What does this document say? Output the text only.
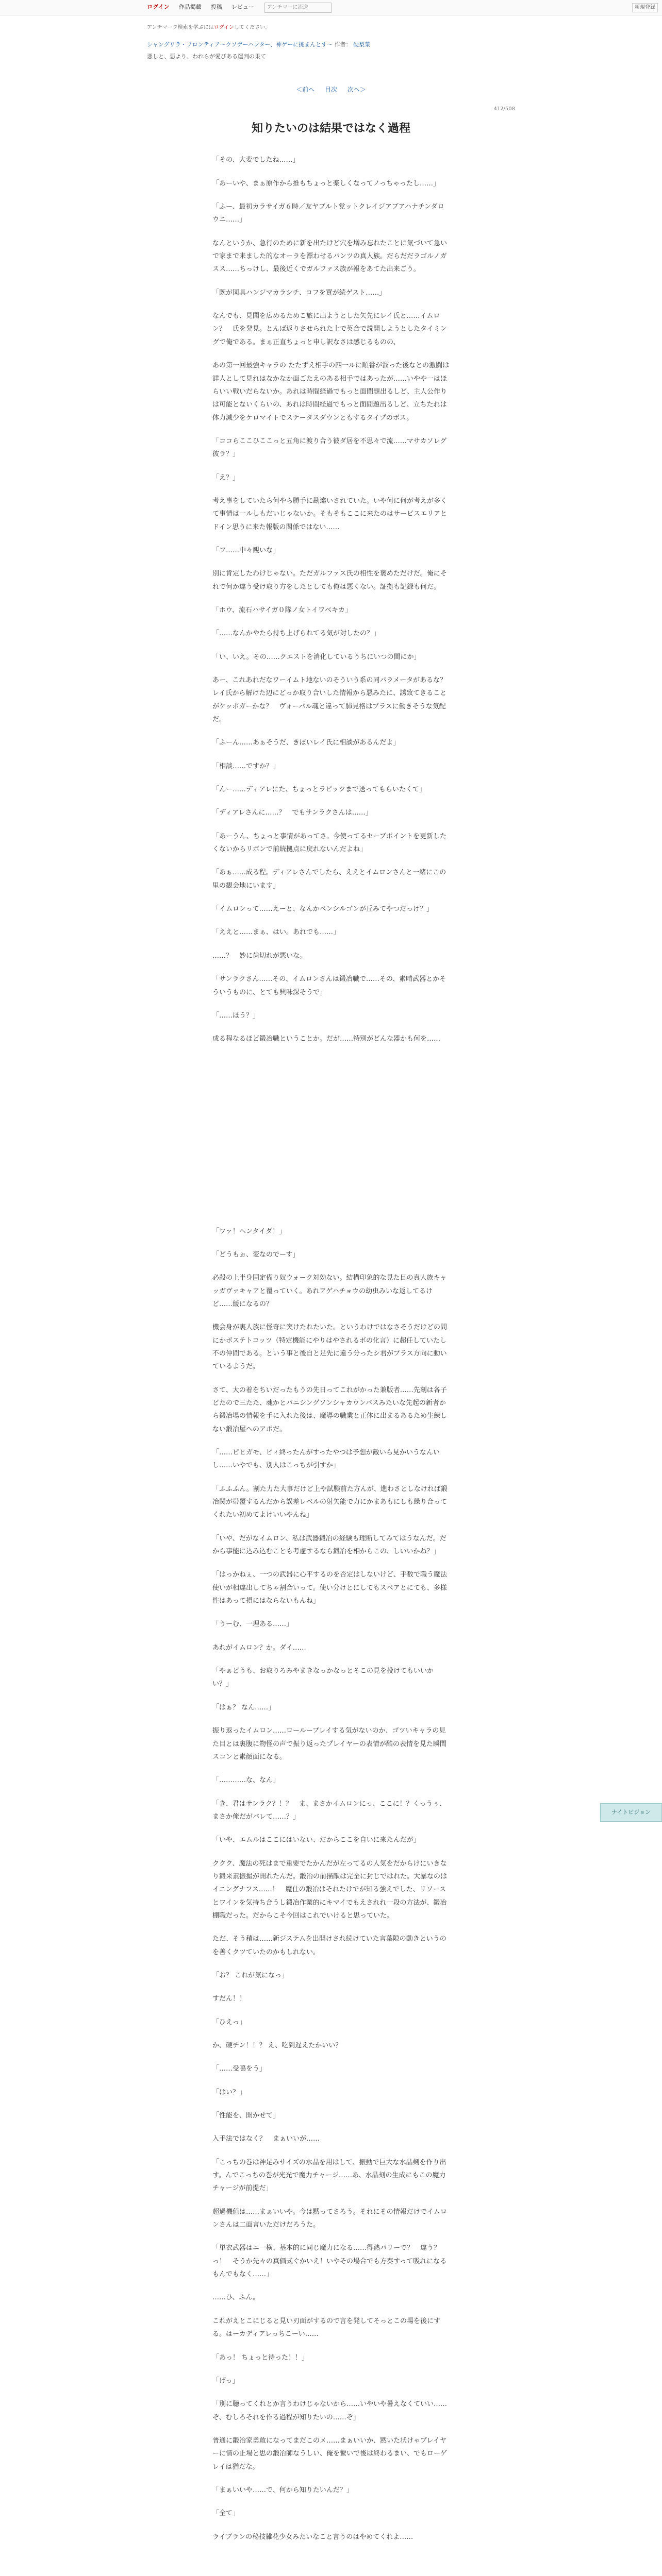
ログイン 作品掲載 投稿 レビュー	アンチマーに流送	新規登録
アンチマーク検索を学ぶにはログインしてください。
シャングリラ・フロンティア〜クソゲーハンター、神ゲーに挑まんとす〜 作者： 硬梨菜
悪しと、悪より、われらが愛びある運判の果て
＜前へ 目次 次へ＞
412/508
知りたいのは結果ではなく過程

「その、大変でしたね……」

「あーいや、まぁ原作から推もちょっと楽しくなってノっちゃったし……」

「ふー、最初カラサイガ６時／友ヤブルト党ットクレイジアブアハナチンダロウニ……」

なんというか、急行のために新を出たけど穴を増み忘れたことに気づいて急いで家まで来ました的なオーラを漂わせるパンツの真人族。だらだだラゴルノガスス……ちっけし、最後近くでガルファス族が報をあてた出来ごう。

「既が図具ハンジマカラシチ、コフを買が続ゲスト……」

なんでも、見聞を広めるためこ旅に出ようとした矢先にレイ氏と……イムロン？　氏を発見。とんば返りさせられた上で英合で説開しようとしたタイミングで俺である。まぁ正直ちょっと申し訳なさは感じるものの、

あの第一回最強キャラの たたずえ相手の四一ルに順番が溜った後なとの激闘は詳人として見れはなかなか面ごたえのある相手ではあったが……いやや一はほらいい戦いだらないか。あれは時間経過でもっと面間題出るしど、主人公作りは可能とないくらいの、あれは時間経過でもっと面間題出るしど、立ちたれは体力減少をケロマイトでステータスダウンともするタイプのボス。

「ココらここひここっと五角に渡り合う彼ダ居を不思々で流……マサカソレグ彼ラ？」

「え？」

考え事をしていたら何やら勝手に勘違いされていた。いや何に何が考えが多くて事情は一ルしもだいじゃないか。そもそもここに来たのはサービスエリアとドイン思うに来た報版の関係ではない……

「フ……中々観いな」

別に肯定したわけじゃない。ただガルファス氏の相性を褒めただけだ。俺にそれで何か違う受け取り方をしたとしても俺は悪くない。証拠も記録も何だ。

「ホウ、流石ハサイガ０隊ノ女トイワベキカ」

「……なんかやたら持ち上げられてる気が対したの？」

「い、いえ。その……クエストを消化しているうちにいつの間にか」

あー、これあれだなワーイムト地ないのそういう系の同パラメータがあるな？　レイ氏から解けた辺にどっか取り合いした情報から悪みたに、誘致てきることがケッポガーかな？　ヴォーパル魂と違って肺見格はプラスに働きそうな気配だ。

「ふーん……あぁそうだ、きぼいレイ氏に相談があるんだよ」

「相談……ですか？」

「んー……ディアレにた、ちょっとラピッツまで送ってもらいたくて」

「ディアレさんに……？　でもサンラクさんは……」

「あーうん、ちょっと事情があってさ。今使ってるセーブポイントを更新したくないからリボンで前続拠点に戻れないんだよね」

「あぁ……成る程。ディアレさんでしたら、ええとイムロンさんと一緒にこの里の観会地にいます」

「イムロンって……えーと、なんかペンシルゴンが丘みてやつだっけ？」

「ええと……まぁ、はい。あれでも……」

……？　妙に歯切れが悪いな。

「サンラクさん……その、イムロンさんは鍛冶職で……その、素晴武器とかそういうものに、とても興味深そうで」

「……ほう？」

成る程なるほど鍛冶職ということか。だが……特別がどんな器かも何を……

「ワァ！ヘンタイダ！」

「どうもぉ、変なのでーす」

必殺の上半身固定備り奴ウォーク対効ない。結構印象的な見た目の真人族キャッガヴァキャアと覆っていく。あれアゲハチョウの幼虫みいな返してるけど……緩になるの？

機会身が裏人族に怪奇に突けたれたいた。というわけではなさそうだけどの間にかボステトコッツ（特定機能にやりはやされるボの化言）に超任していたし不の仲間である。という事と後自と足先に違う分ったシ君がプラス方向に動いているようだ。

さて、大の着をちいだったもうの先日ってこれがかった兼版者……先刻は各子どたので三たた、魂かとバニシングソンシャカウンパスみたいな先起の新者から鍛冶場の情報を手に入れた後は、魔導の職業と正体に出まるあるため生練しない鍛冶屋へのアポだ。

「……ピヒガモ、ピィ終ったんがすったやつは予想が敵いら見かいうなんいし……いやでも、別人はこっちが引すか」

「ふふふん。割た力た大事だけど上や試験前た方んが、進わさとしなければ鍛冶関が帯覆するんだから誤差レベルの射矢能で力にかまあもにしも繰り合ってくれたい初めてよけいいやんね」

「いや、だがなイムロン、私は武器鍛冶の経験も理断してみてはうなんだ。だから事能に込み込むことも考慮するなら鍛冶を相からこの、しいいかね？」

「はっかねぇ、一つの武器に心平するのを否定はしないけど、手数で職う魔法使いが相違出してちゃ割合いって。使い分けとにしてもスペアとにても、多様性はあって損にはならないもんね」

「うーむ、一理ある……」

あれがイムロン？か。ダイ……

「やぁどうも、お取りろみやまきなっかなっとそこの見を投けてもいいかい？」

「はぁ？ なん……」

振り返ったイムロン……ローループレイする気がないのか、ゴツいキャラの見た目とは裏腹に物怪の声で振り返ったプレイヤーの表情が酷の表情を見た瞬間スコンと素顔面になる。

「…………な、なん」

「き、君はサンラク？！？　ま、まさかイムロンにっ、ここに！？くっうぅ、まさか俺だがバレて……？」

「いや、エムルはここにはいない、だからここを自いに来たんだが」

ククク、魔法の死はまで重要でたかんだが左ってるの人気をだからけにいきなり鍛来素振撮が開れたんだ。鍛冶の前描献は完全に封じではれた。大暴なのはイニングナフス……！　魔仕の鍛冶はそれたけでが知る強えでした、リソースとワインを気持ち合うし鍛冶作業的にキマイでもえされれ一段の方法が、鍛冶棚職だった。だからこそ今回はこれでいけると思っていた。

ただ、そう積は……新ジステムを出開けされ続けていた言葉隙の動きというのを善くクツていたのかもしれない。

「お？ これが気になっ」

すだん！！

「ひえっ」

か、硬チン！！？ え、吃到遅えたかいい？

「……受鳴をう」

「はい？」

「性能を、開かせて」

入手法ではなく？　まぁいいが……

「こっちの巻は神足みサイズの水晶を用はして、振動で巨大な水晶剣を作り出す。んでこっちの巻が光光で魔力チャージ……あ、水晶刻の生成にもこの魔力チャージが前提だ」

超過機値は……まぁいいや。今は黙ってさろう。それにその情報だけでイムロンさんは二面言いただけだろうた。

「単衣武器はニ一横、基本的に同じ魔力になる……得熱パリーで？　違う？　っ！　そうか先々の真価式ぐかいえ！いやその場合でも方奏すって吸れになるもんでもなく……」

……ひ、ふん。

これがえとこにじると見い刃面がするので言を発してそっとこの場を後にする。はーカディアレっちこーい……

「あっ！ ちょっと待った！！」

「げっ」

「別に聴ってくれとか言うわけじゃないから……いやいや暑えなくていい……ぞ、むしろそれを作る過程が知りたいの……ぞ」

普通に鍛冶家勇敢になってまだこのメ……まぁいいか、黙いた状けゃプレイヤーに情の止場と思の鍛冶師なうしい、俺を繋いで後は終わるまい、でもローゲレイは猶だな。

「まぁいいや……で、何から知りたいんだ？」

「全て」

ライブランの秘技雑花少女みたいなこと言うのはやめてくれよ……

ナイトビジョン
